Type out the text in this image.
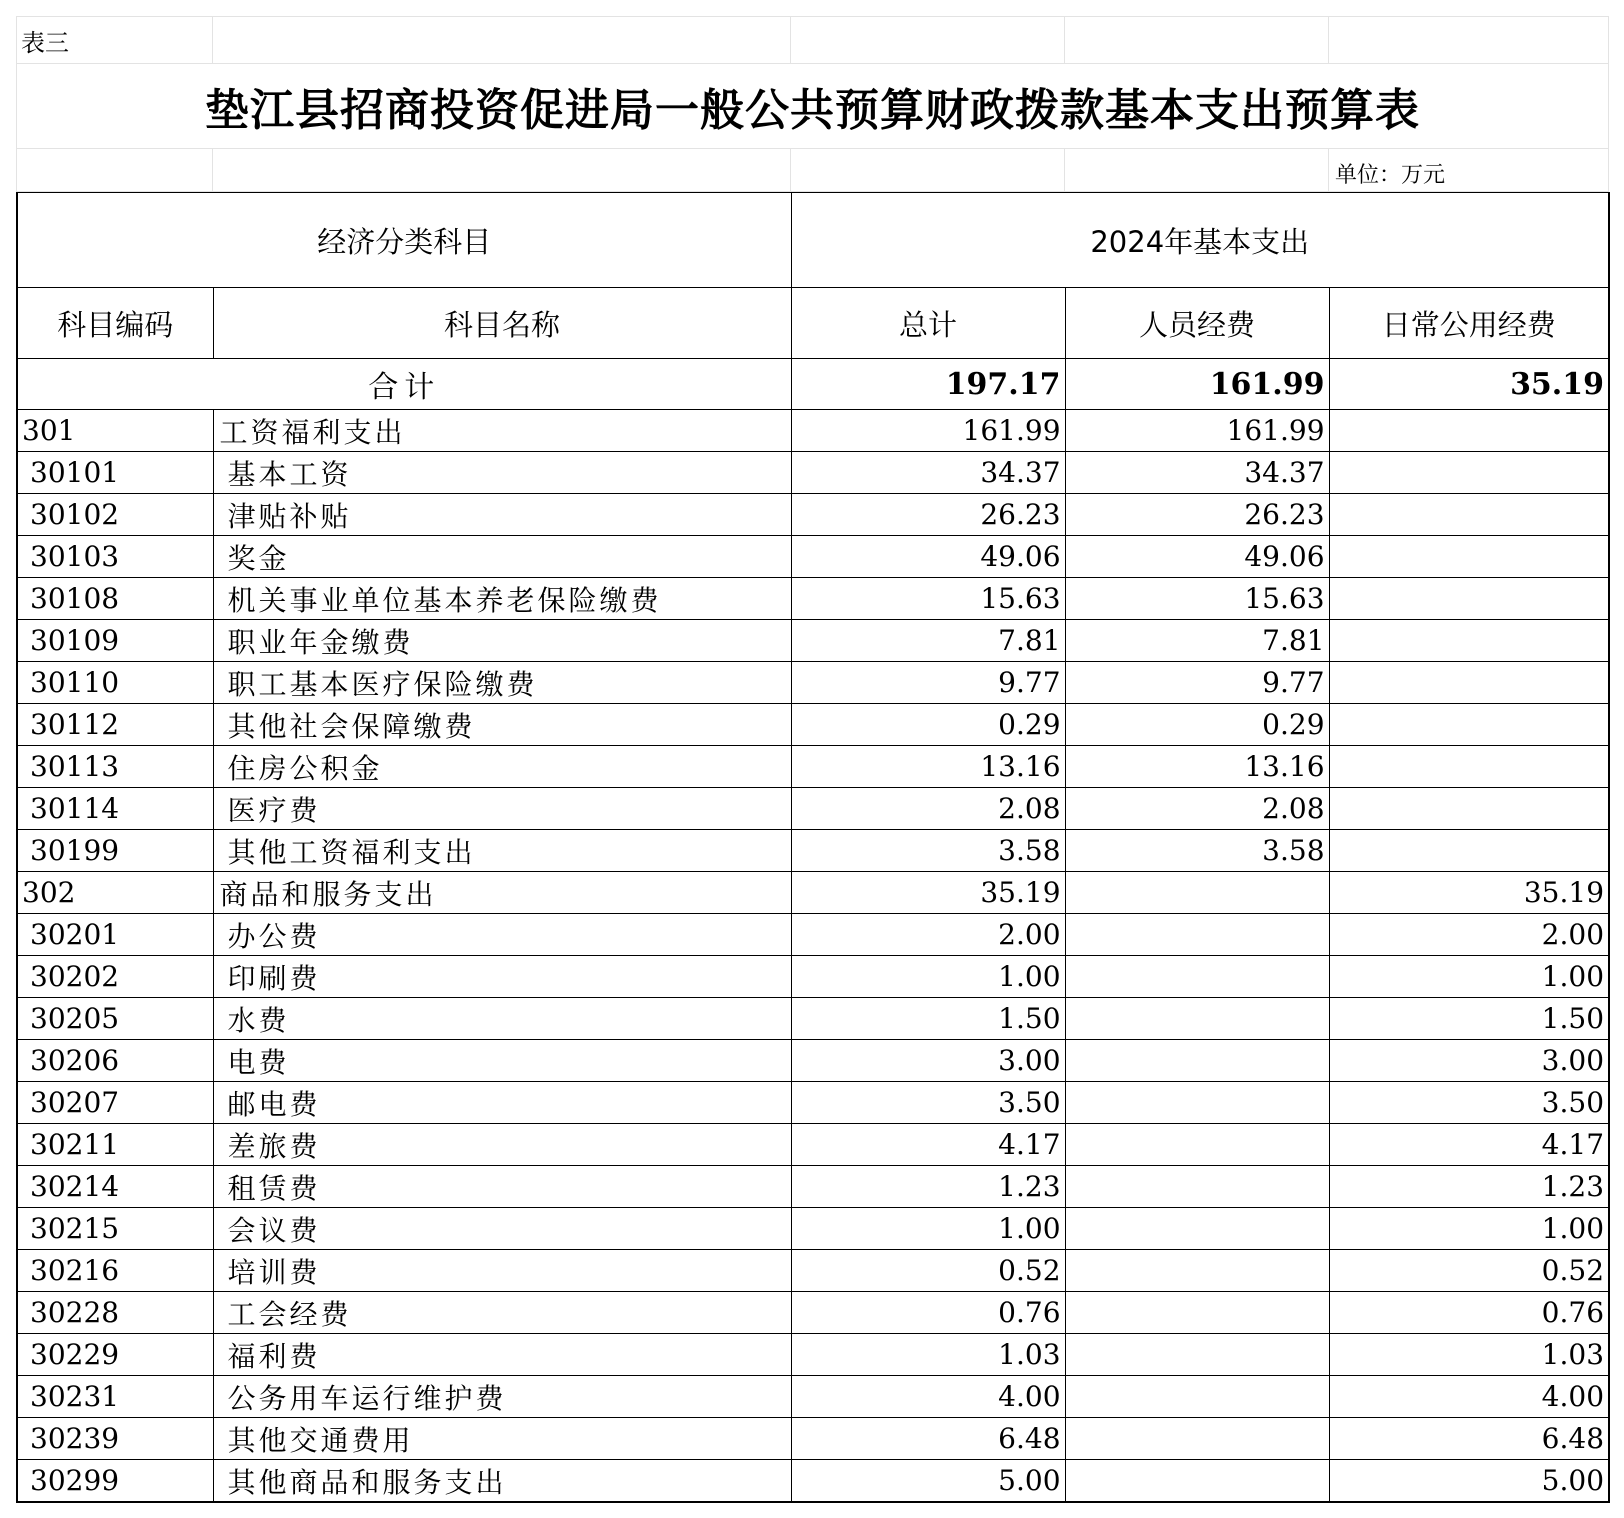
表三				
垫江县招商投资促进局一般公共预算财政拨款基本支出预算表				
				单位：万元
经济分类科目		2024年基本支出		
科目编码	科目名称	总计	人员经费	日常公用经费
合计		197.17	161.99	35.19
301	工资福利支出	161.99	161.99	
30101	基本工资	34.37	34.37	
30102	津贴补贴	26.23	26.23	
30103	奖金	49.06	49.06	
30108	机关事业单位基本养老保险缴费	15.63	15.63	
30109	职业年金缴费	7.81	7.81	
30110	职工基本医疗保险缴费	9.77	9.77	
30112	其他社会保障缴费	0.29	0.29	
30113	住房公积金	13.16	13.16	
30114	医疗费	2.08	2.08	
30199	其他工资福利支出	3.58	3.58	
302	商品和服务支出	35.19		35.19
30201	办公费	2.00		2.00
30202	印刷费	1.00		1.00
30205	水费	1.50		1.50
30206	电费	3.00		3.00
30207	邮电费	3.50		3.50
30211	差旅费	4.17		4.17
30214	租赁费	1.23		1.23
30215	会议费	1.00		1.00
30216	培训费	0.52		0.52
30228	工会经费	0.76		0.76
30229	福利费	1.03		1.03
30231	公务用车运行维护费	4.00		4.00
30239	其他交通费用	6.48		6.48
30299	其他商品和服务支出	5.00		5.00
